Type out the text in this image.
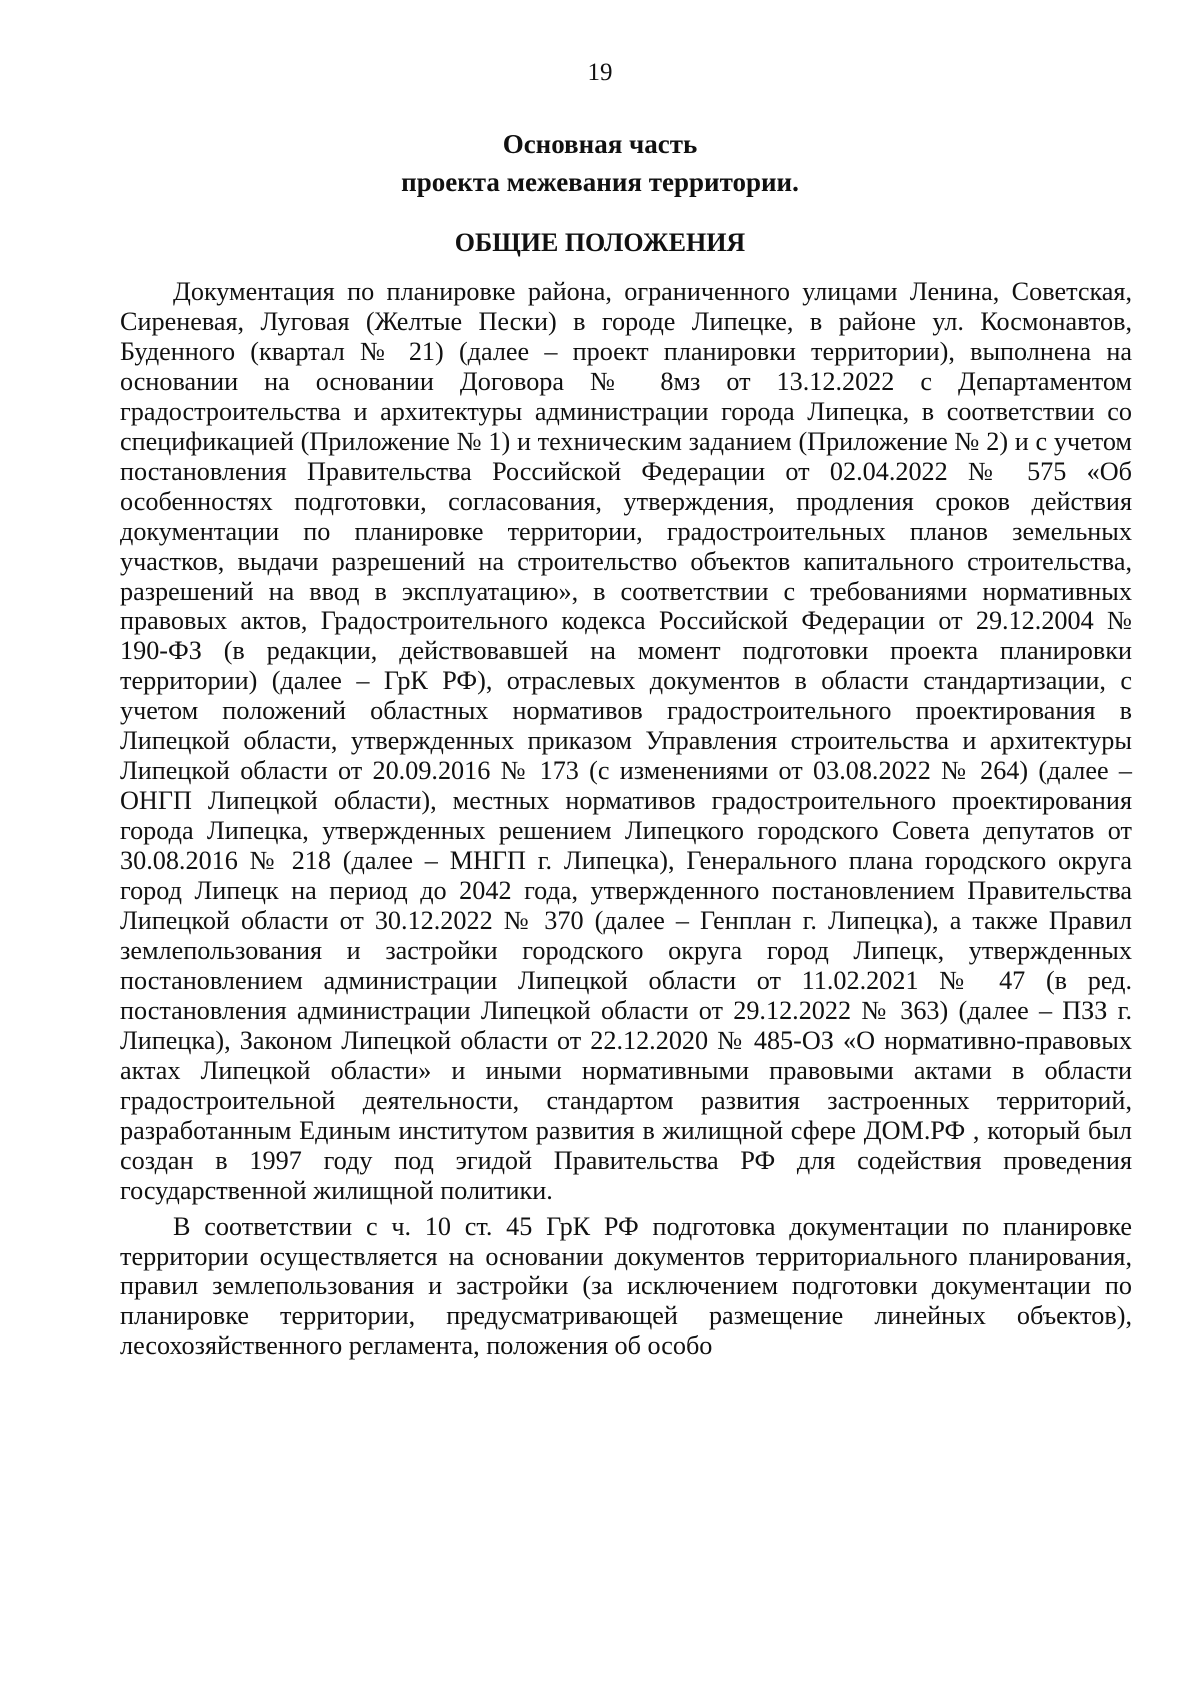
19
Основная часть
проекта межевания территории.
ОБЩИЕ ПОЛОЖЕНИЯ

Документация по планировке района, ограниченного улицами Ленина, Советская, Сиреневая, Луговая (Желтые Пески) в городе Липецке, в районе ул. Космонавтов, Буденного (квартал № 21) (далее – проект планировки территории), выполнена на основании на основании Договора № 8мз от 13.12.2022 с Департаментом градостроительства и архитектуры администрации города Липецка, в соответствии со спецификацией (Приложение № 1) и техническим заданием (Приложение № 2) и с учетом постановления Правительства Российской Федерации от 02.04.2022 № 575 «Об особенностях подготовки, согласования, утверждения, продления сроков действия документации по планировке территории, градостроительных планов земельных участков, выдачи разрешений на строительство объектов капитального строительства, разрешений на ввод в эксплуатацию», в соответствии с требованиями нормативных правовых актов, Градостроительного кодекса Российской Федерации от 29.12.2004 № 190-ФЗ (в редакции, действовавшей на момент подготовки проекта планировки территории) (далее – ГрК РФ), отраслевых документов в области стандартизации, с учетом положений областных нормативов градостроительного проектирования в Липецкой области, утвержденных приказом Управления строительства и архитектуры Липецкой области от 20.09.2016 № 173 (с изменениями от 03.08.2022 № 264) (далее – ОНГП Липецкой области), местных нормативов градостроительного проектирования города Липецка, утвержденных решением Липецкого городского Совета депутатов от 30.08.2016 № 218 (далее – МНГП г. Липецка), Генерального плана городского округа город Липецк на период до 2042 года, утвержденного постановлением Правительства Липецкой области от 30.12.2022 № 370 (далее – Генплан г. Липецка), а также Правил землепользования и застройки городского округа город Липецк, утвержденных постановлением администрации Липецкой области от 11.02.2021 № 47 (в ред. постановления администрации Липецкой области от 29.12.2022 № 363) (далее – ПЗЗ г. Липецка), Законом Липецкой области от 22.12.2020 № 485-ОЗ «О нормативно-правовых актах Липецкой области» и иными нормативными правовыми актами в области градостроительной деятельности, стандартом развития застроенных территорий, разработанным Единым институтом развития в жилищной сфере ДОМ.РФ , который был создан в 1997 году под эгидой Правительства РФ для содействия проведения государственной жилищной политики.

В соответствии с ч. 10 ст. 45 ГрК РФ подготовка документации по планировке территории осуществляется на основании документов территориального планирования, правил землепользования и застройки (за исключением подготовки документации по планировке территории, предусматривающей размещение линейных объектов), лесохозяйственного регламента, положения об особо
